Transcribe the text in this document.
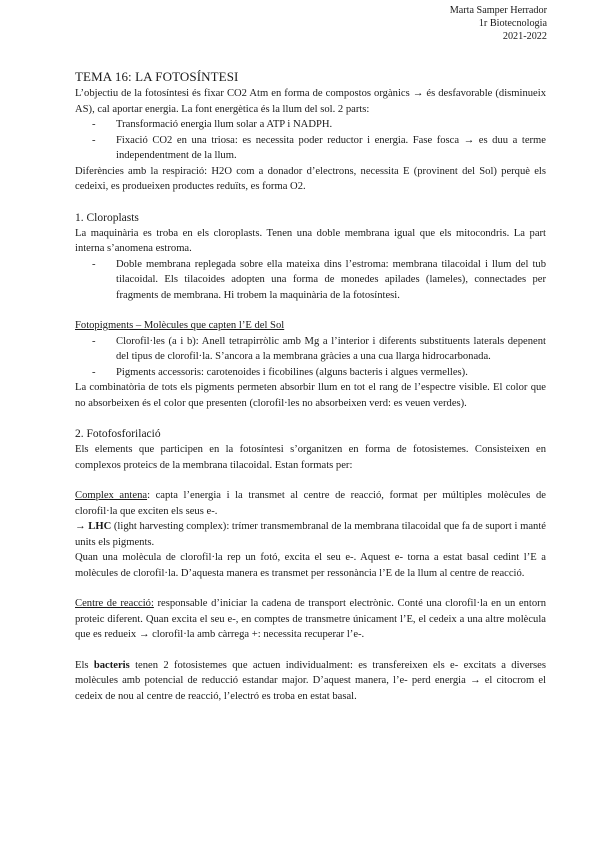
Marta Samper Herrador
1r Biotecnologia
2021-2022
TEMA 16: LA FOTOSÍNTESI

L’objectiu de la fotosíntesi és fixar CO2 Atm en forma de compostos orgànics → és desfavorable (disminueix AS), cal aportar energia. La font energètica és la llum del sol. 2 parts:

- Transformació energia llum solar a ATP i NADPH.
- Fixació CO2 en una triosa: es necessita poder reductor i energia. Fase fosca → es duu a terme independentment de la llum.

Diferències amb la respiració: H2O com a donador d’electrons, necessita E (provinent del Sol) perquè els cedeixi, es produeixen productes reduïts, es forma O2.

1. Cloroplasts

La maquinària es troba en els cloroplasts. Tenen una doble membrana igual que els mitocondris. La part interna s’anomena estroma.

- Doble membrana replegada sobre ella mateixa dins l’estroma: membrana tilacoidal i llum del tub tilacoidal. Els tilacoides adopten una forma de monedes apilades (lameles), connectades per fragments de membrana. Hi trobem la maquinària de la fotosíntesi.
Fotopigments – Molècules que capten l’E del Sol
- Clorofil·les (a i b): Anell tetrapirròlic amb Mg a l’interior i diferents substituents laterals depenent del tipus de clorofil·la. S’ancora a la membrana gràcies a una cua llarga hidrocarbonada.
- Pigments accessoris: carotenoides i ficobilines (alguns bacteris i algues vermelles).

La combinatòria de tots els pigments permeten absorbir llum en tot el rang de l’espectre visible. El color que no absorbeixen és el color que presenten (clorofil·les no absorbeixen verd: es veuen verdes).

2. Fotofosforilació

Els elements que participen en la fotosíntesi s’organitzen en forma de fotosistemes. Consisteixen en complexos proteics de la membrana tilacoidal. Estan formats per:

Complex antena: capta l’energia i la transmet al centre de reacció, format per múltiples molècules de clorofil·la que exciten els seus e-.

→ LHC (light harvesting complex): trímer transmembranal de la membrana tilacoidal que fa de suport i manté units els pigments.

Quan una molècula de clorofil·la rep un fotó, excita el seu e-. Aquest e- torna a estat basal cedint l’E a molècules de clorofil·la. D’aquesta manera es transmet per ressonància l’E de la llum al centre de reacció.

Centre de reacció: responsable d’iniciar la cadena de transport electrònic. Conté una clorofil·la en un entorn proteic diferent. Quan excita el seu e-, en comptes de transmetre únicament l’E, el cedeix a una altre molècula que es redueix → clorofil·la amb càrrega +: necessita recuperar l’e-.

Els bacteris tenen 2 fotosistemes que actuen individualment: es transfereixen els e- excitats a diverses molècules amb potencial de reducció estandar major. D’aquest manera, l’e- perd energia → el citocrom el cedeix de nou al centre de reacció, l’electró es troba en estat basal.
